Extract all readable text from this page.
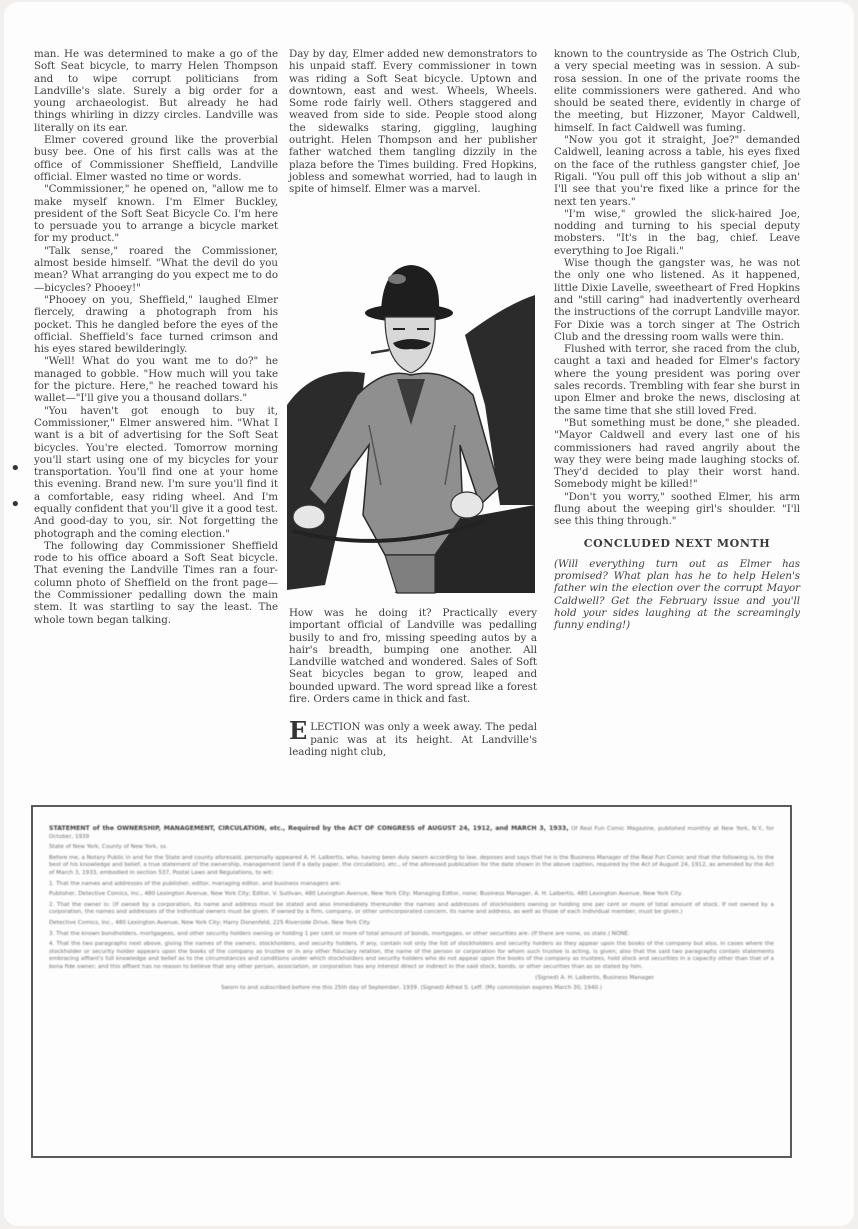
man. He was determined to make a go of the Soft Seat bicycle, to marry Helen Thompson and to wipe corrupt politicians from Landville's slate. Surely a big order for a young archaeologist. But already he had things whirling in dizzy circles. Landville was literally on its ear.

Elmer covered ground like the proverbial busy bee. One of his first calls was at the office of Commissioner Sheffield, Landville official. Elmer wasted no time or words.

"Commissioner," he opened on, "allow me to make myself known. I'm Elmer Buckley, president of the Soft Seat Bicycle Co. I'm here to persuade you to arrange a bicycle market for my product."

"Talk sense," roared the Commissioner, almost beside himself. "What the devil do you mean? What arranging do you expect me to do—bicycles? Phooey!"

"Phooey on you, Sheffield," laughed Elmer fiercely, drawing a photograph from his pocket. This he dangled before the eyes of the official. Sheffield's face turned crimson and his eyes stared bewilderingly.

"Well! What do you want me to do?" he managed to gobble. "How much will you take for the picture. Here," he reached toward his wallet—"I'll give you a thousand dollars."

"You haven't got enough to buy it, Commissioner," Elmer answered him. "What I want is a bit of advertising for the Soft Seat bicycles. You're elected. Tomorrow morning you'll start using one of my bicycles for your transportation. You'll find one at your home this evening. Brand new. I'm sure you'll find it a comfortable, easy riding wheel. And I'm equally confident that you'll give it a good test. And good-day to you, sir. Not forgetting the photograph and the coming election."

The following day Commissioner Sheffield rode to his office aboard a Soft Seat bicycle. That evening the Landville Times ran a four-column photo of Sheffield on the front page—the Commissioner pedalling down the main stem. It was startling to say the least. The whole town began talking.

Day by day, Elmer added new demonstrators to his unpaid staff. Every commissioner in town was riding a Soft Seat bicycle. Uptown and downtown, east and west. Wheels, Wheels. Some rode fairly well. Others staggered and weaved from side to side. People stood along the sidewalks staring, giggling, laughing outright. Helen Thompson and her publisher father watched them tangling dizzily in the plaza before the Times building. Fred Hopkins, jobless and somewhat worried, had to laugh in spite of himself. Elmer was a marvel.

How was he doing it? Practically every important official of Landville was pedalling busily to and fro, missing speeding autos by a hair's breadth, bumping one another. All Landville watched and wondered. Sales of Soft Seat bicycles began to grow, leaped and bounded upward. The word spread like a forest fire. Orders came in thick and fast.

E LECTION was only a week away. The pedal panic was at its height. At Landville's leading night club,

known to the countryside as The Ostrich Club, a very special meeting was in session. A sub-rosa session. In one of the private rooms the elite commissioners were gathered. And who should be seated there, evidently in charge of the meeting, but Hizzoner, Mayor Caldwell, himself. In fact Caldwell was fuming.

"Now you got it straight, Joe?" demanded Caldwell, leaning across a table, his eyes fixed on the face of the ruthless gangster chief, Joe Rigali. "You pull off this job without a slip an' I'll see that you're fixed like a prince for the next ten years."

"I'm wise," growled the slick-haired Joe, nodding and turning to his special deputy mobsters. "It's in the bag, chief. Leave everything to Joe Rigali."

Wise though the gangster was, he was not the only one who listened. As it happened, little Dixie Lavelle, sweetheart of Fred Hopkins and "still caring" had inadvertently overheard the instructions of the corrupt Landville mayor. For Dixie was a torch singer at The Ostrich Club and the dressing room walls were thin.

Flushed with terror, she raced from the club, caught a taxi and headed for Elmer's factory where the young president was poring over sales records. Trembling with fear she burst in upon Elmer and broke the news, disclosing at the same time that she still loved Fred.

"But something must be done," she pleaded. "Mayor Caldwell and every last one of his commissioners had raved angrily about the way they were being made laughing stocks of. They'd decided to play their worst hand. Somebody might be killed!"

"Don't you worry," soothed Elmer, his arm flung about the weeping girl's shoulder. "I'll see this thing through."

CONCLUDED NEXT MONTH

(Will everything turn out as Elmer has promised? What plan has he to help Helen's father win the election over the corrupt Mayor Caldwell? Get the February issue and you'll hold your sides laughing at the screamingly funny ending!)

•
•

STATEMENT of the OWNERSHIP, MANAGEMENT, CIRCULATION, etc., Required by the ACT OF CONGRESS of AUGUST 24, 1912, and MARCH 3, 1933, Of Real Fun Comic Magazine, published monthly at New York, N.Y., for October, 1939

State of New York, County of New York, ss.

Before me, a Notary Public in and for the State and county aforesaid, personally appeared A. H. Lalbertis, who, having been duly sworn according to law, deposes and says that he is the Business Manager of the Real Fun Comic and that the following is, to the best of his knowledge and belief, a true statement of the ownership, management (and if a daily paper, the circulation), etc., of the aforesaid publication for the date shown in the above caption, required by the Act of August 24, 1912, as amended by the Act of March 3, 1933, embodied in section 537, Postal Laws and Regulations, to wit:

1. That the names and addresses of the publisher, editor, managing editor, and business managers are:

Publisher, Detective Comics, Inc., 480 Lexington Avenue, New York City; Editor, V. Sullivan, 480 Lexington Avenue, New York City; Managing Editor, none; Business Manager, A. H. Lalbertis, 480 Lexington Avenue, New York City.

2. That the owner is: (If owned by a corporation, its name and address must be stated and also immediately thereunder the names and addresses of stockholders owning or holding one per cent or more of total amount of stock. If not owned by a corporation, the names and addresses of the individual owners must be given. If owned by a firm, company, or other unincorporated concern, its name and address, as well as those of each individual member, must be given.)

Detective Comics, Inc., 480 Lexington Avenue, New York City; Harry Donenfeld, 225 Riverside Drive, New York City.

3. That the known bondholders, mortgagees, and other security holders owning or holding 1 per cent or more of total amount of bonds, mortgages, or other securities are: (If there are none, so state.) NONE.

4. That the two paragraphs next above, giving the names of the owners, stockholders, and security holders, if any, contain not only the list of stockholders and security holders as they appear upon the books of the company but also, in cases where the stockholder or security holder appears upon the books of the company as trustee or in any other fiduciary relation, the name of the person or corporation for whom such trustee is acting, is given; also that the said two paragraphs contain statements embracing affiant's full knowledge and belief as to the circumstances and conditions under which stockholders and security holders who do not appear upon the books of the company as trustees, hold stock and securities in a capacity other than that of a bona fide owner; and this affiant has no reason to believe that any other person, association, or corporation has any interest direct or indirect in the said stock, bonds, or other securities than as so stated by him.

(Signed) A. H. Lalbertis, Business Manager

Sworn to and subscribed before me this 25th day of September, 1939. (Signed) Alfred S. Leff. (My commission expires March 30, 1940.)
